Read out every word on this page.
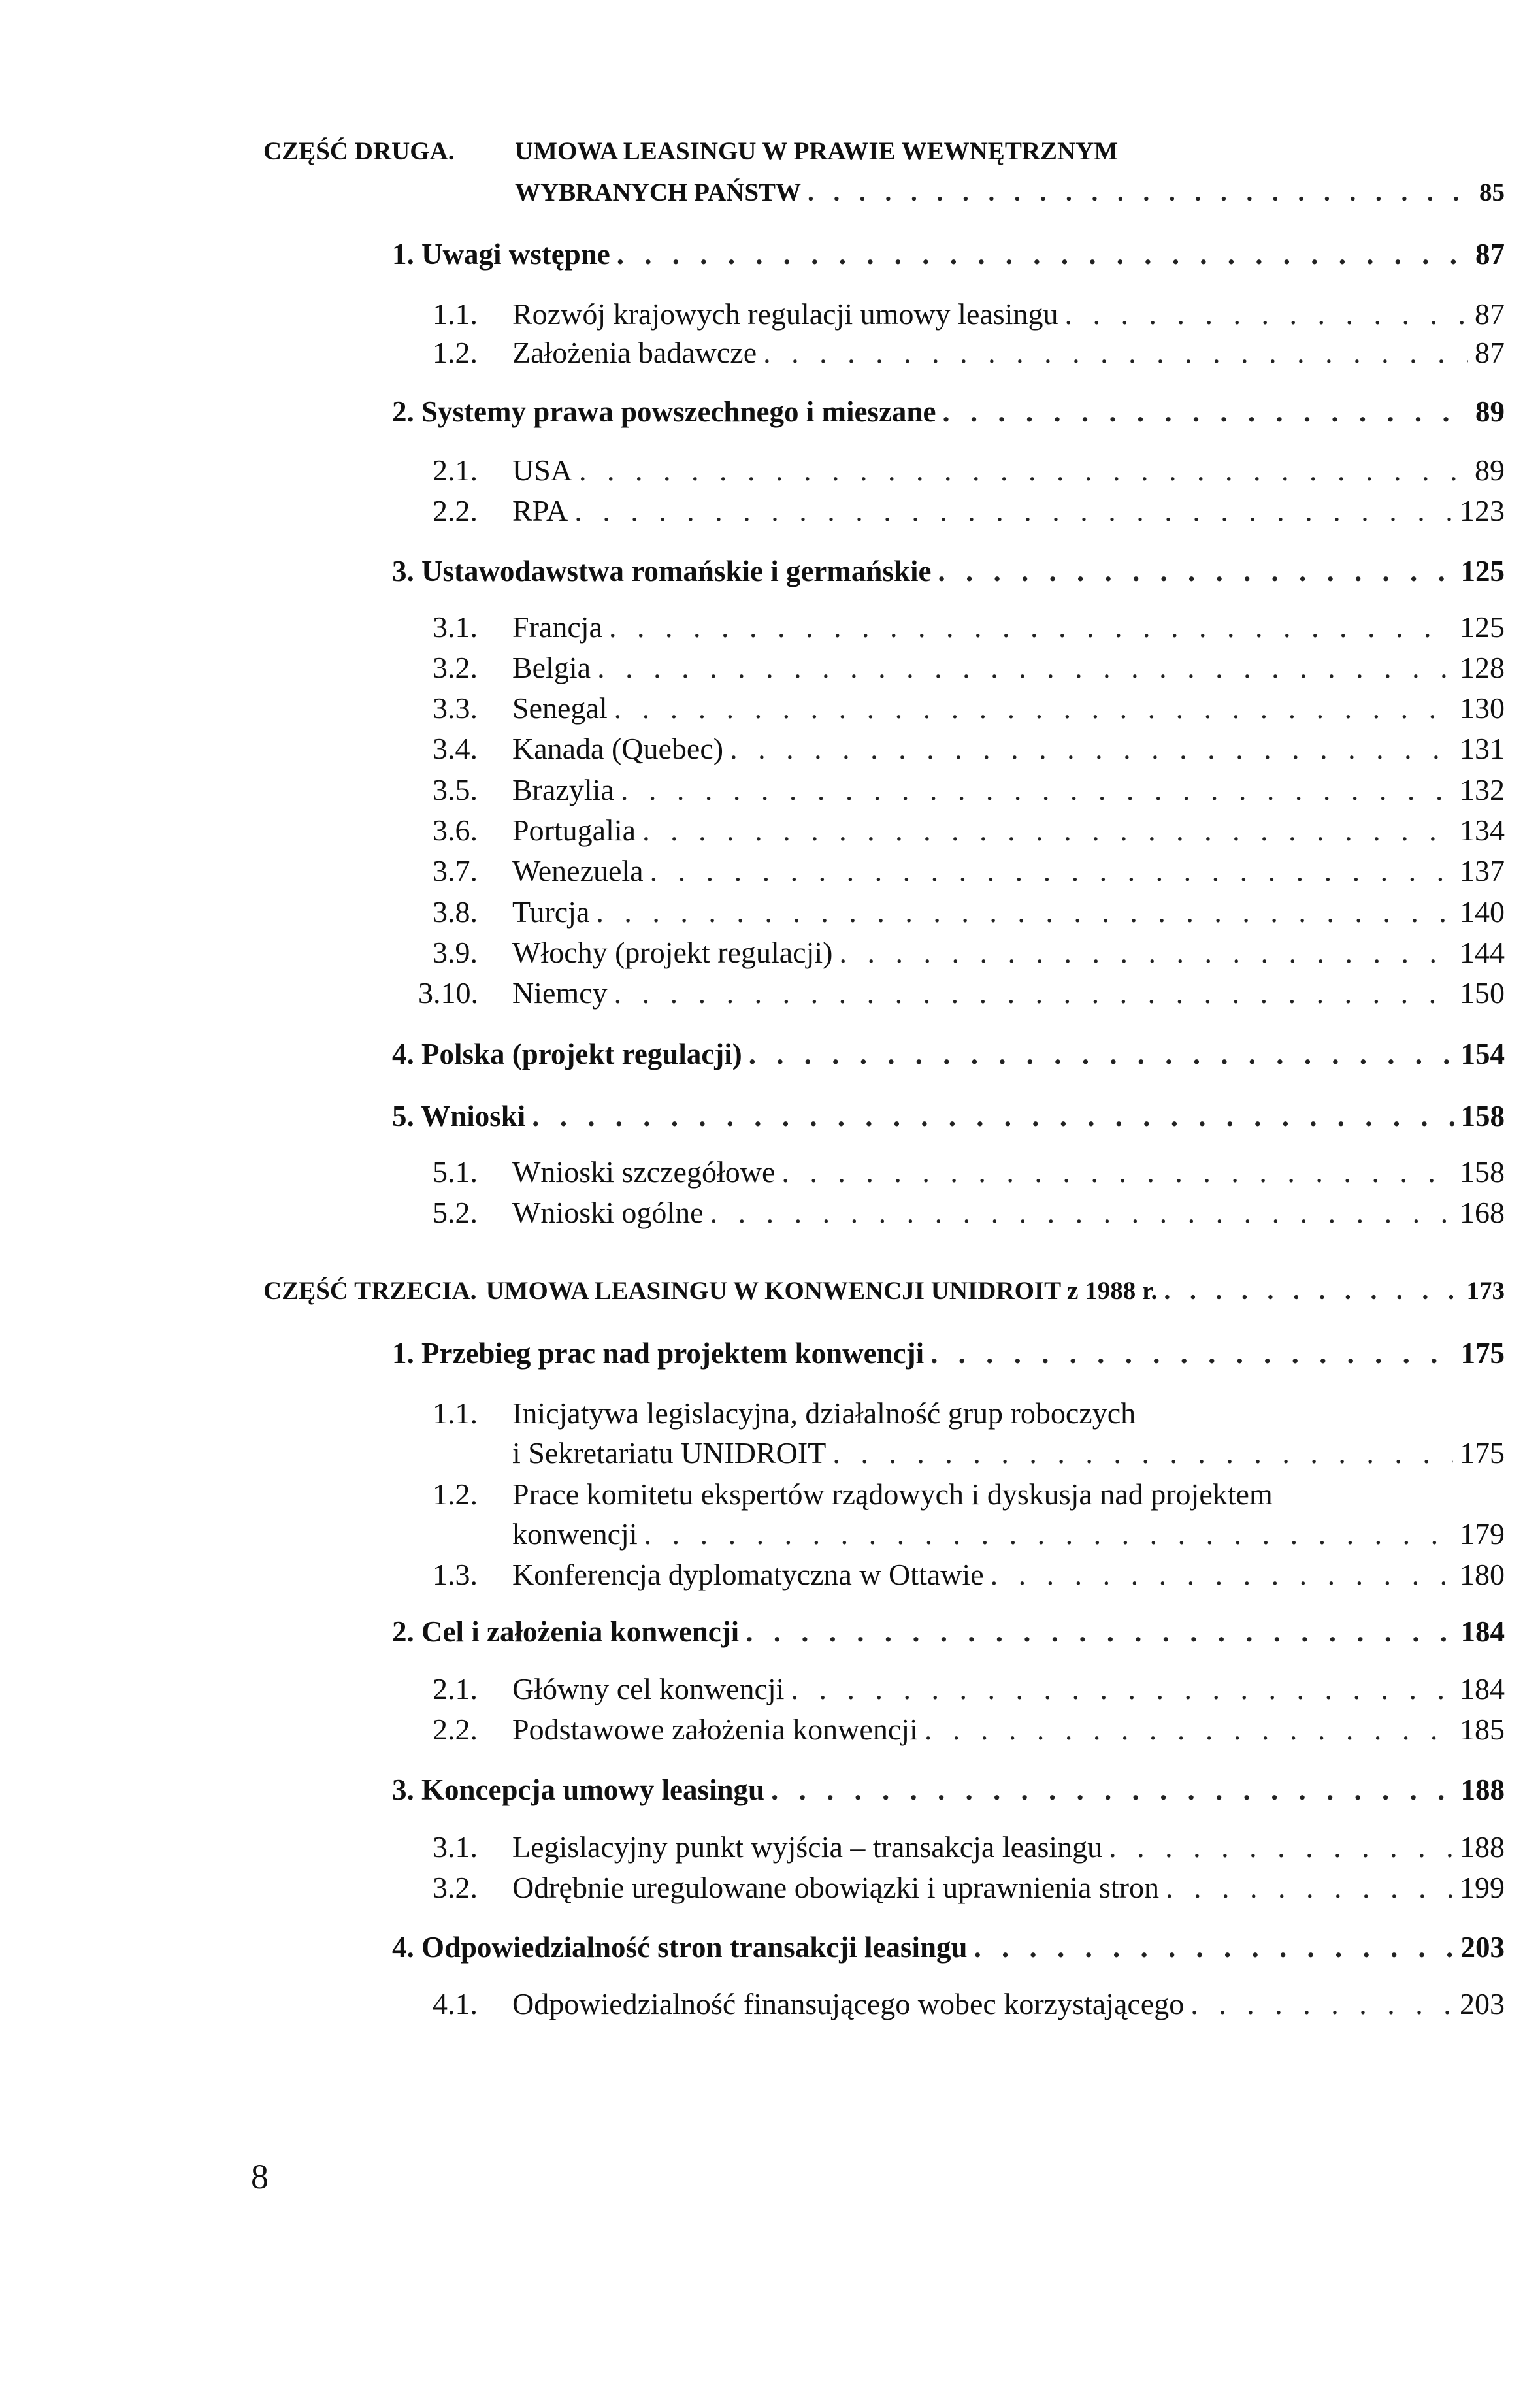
CZĘŚĆ DRUGA. UMOWA LEASINGU W PRAWIE WEWNĘTRZNYM
WYBRANYCH PAŃSTW . . .	85
1. Uwagi wstępne . . .	87
1.1.	Rozwój krajowych regulacji umowy leasingu . . .	87
1.2.	Założenia badawcze . . .	87
2. Systemy prawa powszechnego i mieszane . . .	89
2.1.	USA . . .	89
2.2.	RPA . . .	123
3. Ustawodawstwa romańskie i germańskie . . .	125
3.1.	Francja . . .	125
3.2.	Belgia . . .	128
3.3.	Senegal . . .	130
3.4.	Kanada (Quebec) . . .	131
3.5.	Brazylia . . .	132
3.6.	Portugalia . . .	134
3.7.	Wenezuela . . .	137
3.8.	Turcja . . .	140
3.9.	Włochy (projekt regulacji) . . .	144
3.10.	Niemcy . . .	150
4. Polska (projekt regulacji) . . .	154
5. Wnioski . . .	158
5.1.	Wnioski szczegółowe . . .	158
5.2.	Wnioski ogólne . . .	168
CZĘŚĆ TRZECIA. UMOWA LEASINGU W KONWENCJI UNIDROIT z 1988 r. . . .	173
1. Przebieg prac nad projektem konwencji . . .	175
1.1.	Inicjatywa legislacyjna, działalność grup roboczych
i Sekretariatu UNIDROIT . . .	175
1.2.	Prace komitetu ekspertów rządowych i dyskusja nad projektem
konwencji . . .	179
1.3.	Konferencja dyplomatyczna w Ottawie . . .	180
2. Cel i założenia konwencji . . .	184
2.1.	Główny cel konwencji . . .	184
2.2.	Podstawowe założenia konwencji . . .	185
3. Koncepcja umowy leasingu . . .	188
3.1.	Legislacyjny punkt wyjścia – transakcja leasingu . . .	188
3.2.	Odrębnie uregulowane obowiązki i uprawnienia stron . . .	199
4. Odpowiedzialność stron transakcji leasingu . . .	203
4.1.	Odpowiedzialność finansującego wobec korzystającego . . .	203
8
